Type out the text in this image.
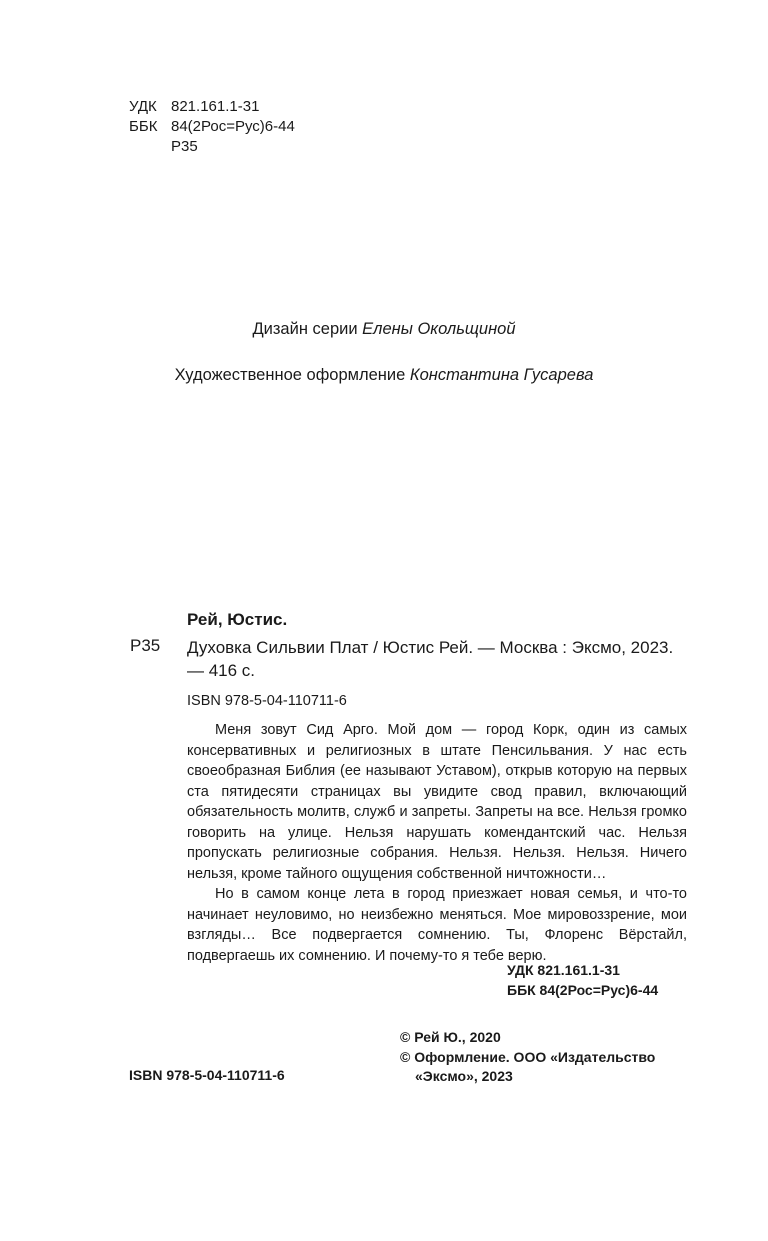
УДК 821.161.1-31
ББК 84(2Рос=Рус)6-44
Р35
Дизайн серии Елены Окольщиной
Художественное оформление Константина Гусарева
Рей, Юстис.
Р35 Духовка Сильвии Плат / Юстис Рей. — Москва : Эксмо, 2023. — 416 с.
ISBN 978-5-04-110711-6

Меня зовут Сид Арго. Мой дом — город Корк, один из самых консервативных и религиозных в штате Пенсильвания. У нас есть своеобразная Библия (ее называют Уставом), открыв которую на первых ста пятидесяти страницах вы увидите свод правил, включающий обязательность молитв, служб и запреты. Запреты на все. Нельзя громко говорить на улице. Нельзя нарушать комендантский час. Нельзя пропускать религиозные собрания. Нельзя. Нельзя. Нельзя. Ничего нельзя, кроме тайного ощущения собственной ничтожности…

Но в самом конце лета в город приезжает новая семья, и что-то начинает неуловимо, но неизбежно меняться. Мое мировоззрение, мои взгляды… Все подвергается сомнению. Ты, Флоренс Вёрстайл, подвергаешь их сомнению. И почему-то я тебе верю.

УДК 821.161.1-31
ББК 84(2Рос=Рус)6-44
© Рей Ю., 2020
© Оформление. ООО «Издательство
«Эксмо», 2023
ISBN 978-5-04-110711-6
